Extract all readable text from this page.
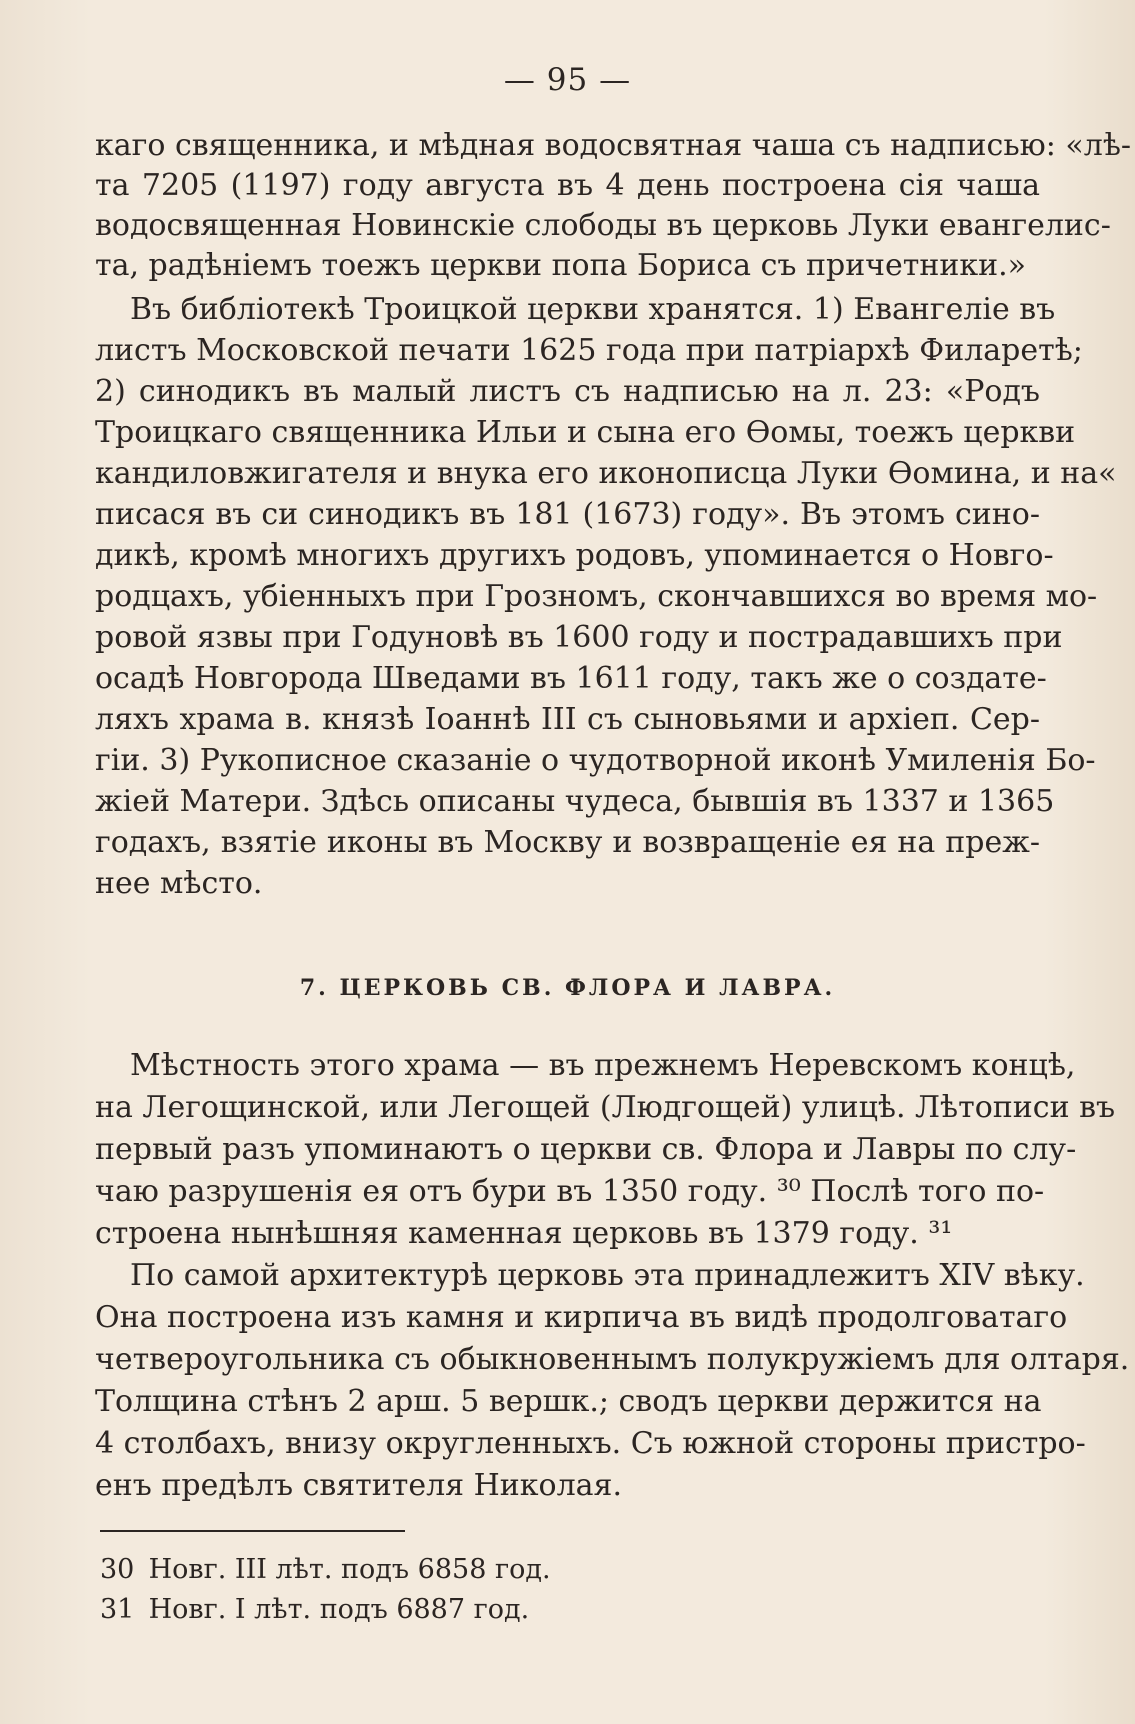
— 95 —
каго священника, и мѣдная водосвятная чаша съ надписью: «лѣ-
та 7205 (1197) году августа въ 4 день построена сія чаша
водосвященная Новинскіе слободы въ церковь Луки евангелис-
та, радѣніемъ тоежъ церкви попа Бориса съ причетники.»
Въ библіотекѣ Троицкой церкви хранятся. 1) Евангеліе въ
листъ Московской печати 1625 года при патріархѣ Филаретѣ;
2) синодикъ въ малый листъ съ надписью на л. 23: «Родъ
Троицкаго священника Ильи и сына его Ѳомы, тоежъ церкви
кандиловжигателя и внука его иконописца Луки Ѳомина, и на«
писася въ си синодикъ въ 181 (1673) году». Въ этомъ сино-
дикѣ, кромѣ многихъ другихъ родовъ, упоминается о Новго-
родцахъ, убіенныхъ при Грозномъ, скончавшихся во время мо-
ровой язвы при Годуновѣ въ 1600 году и пострадавшихъ при
осадѣ Новгорода Шведами въ 1611 году, такъ же о создате-
ляхъ храма в. князѣ Іоаннѣ III съ сыновьями и архіеп. Сер-
гіи. 3) Рукописное сказаніе о чудотворной иконѣ Умиленія Бо-
жіей Матери. Здѣсь описаны чудеса, бывшія въ 1337 и 1365
годахъ, взятіе иконы въ Москву и возвращеніе ея на преж-
нее мѣсто.
7. ЦЕРКОВЬ СВ. ФЛОРА И ЛАВРА.
Мѣстность этого храма — въ прежнемъ Неревскомъ концѣ,
на Легощинской, или Легощей (Людгощей) улицѣ. Лѣтописи въ
первый разъ упоминаютъ о церкви св. Флора и Лавры по слу-
чаю разрушенія ея отъ бури въ 1350 году. ³⁰ Послѣ того по-
строена нынѣшняя каменная церковь въ 1379 году. ³¹
По самой архитектурѣ церковь эта принадлежитъ XIV вѣку.
Она построена изъ камня и кирпича въ видѣ продолговатаго
четвероугольника съ обыкновеннымъ полукружіемъ для олтаря.
Толщина стѣнъ 2 арш. 5 вершк.; сводъ церкви держится на
4 столбахъ, внизу округленныхъ. Съ южной стороны пристро-
енъ предѣлъ святителя Николая.
30 Новг. III лѣт. подъ 6858 год.
31 Новг. I лѣт. подъ 6887 год.
